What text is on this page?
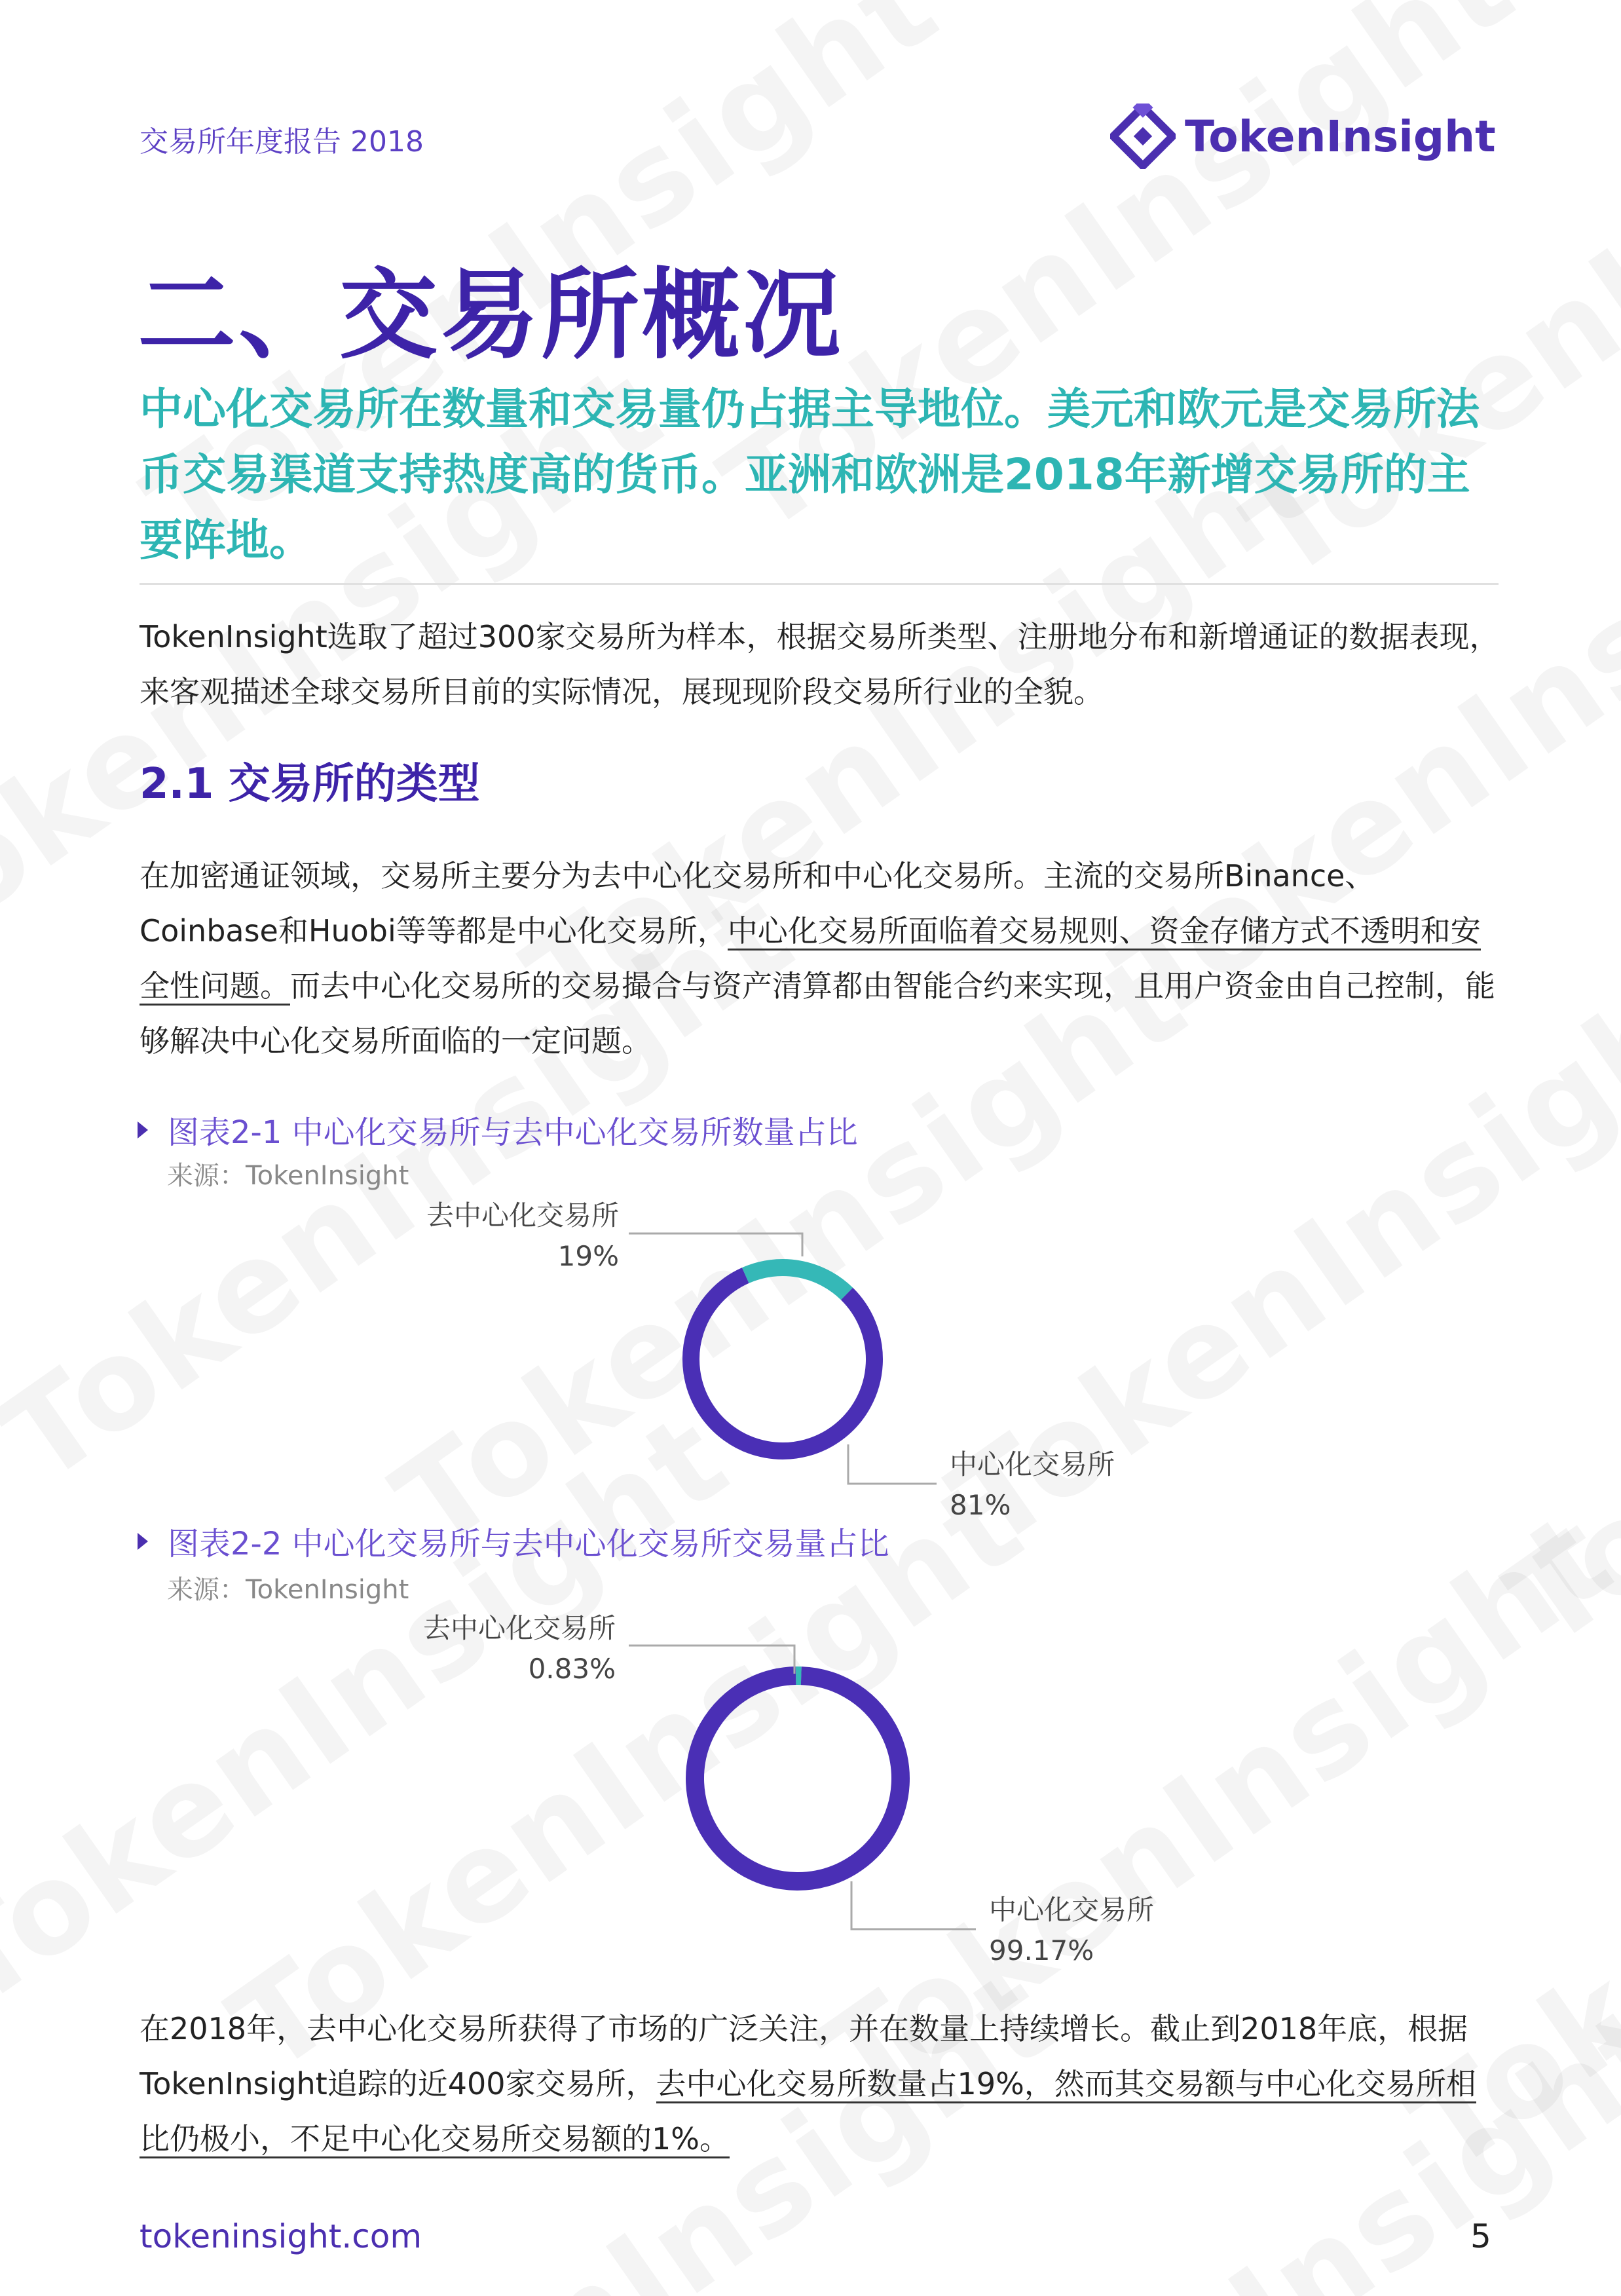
交易所年度报告 2018	TokenInsight
二、交易所概况
中心化交易所在数量和交易量仍占据主导地位。美元和欧元是交易所法币交易渠道支持热度高的货币。亚洲和欧洲是2018年新增交易所的主要阵地。
TokenInsight选取了超过300家交易所为样本，根据交易所类型、注册地分布和新增通证的数据表现，来客观描述全球交易所目前的实际情况，展现现阶段交易所行业的全貌。
2.1 交易所的类型
在加密通证领域，交易所主要分为去中心化交易所和中心化交易所。主流的交易所Binance、Coinbase和Huobi等等都是中心化交易所，中心化交易所面临着交易规则、资金存储方式不透明和安全性问题。而去中心化交易所的交易撮合与资产清算都由智能合约来实现，且用户资金由自己控制，能够解决中心化交易所面临的一定问题。
图表2-1 中心化交易所与去中心化交易所数量占比
来源：TokenInsight
去中心化交易所
19%
中心化交易所
81%
图表2-2 中心化交易所与去中心化交易所交易量占比
来源：TokenInsight
去中心化交易所
0.83%
中心化交易所
99.17%
在2018年，去中心化交易所获得了市场的广泛关注，并在数量上持续增长。截止到2018年底，根据TokenInsight追踪的近400家交易所，去中心化交易所数量占19%，然而其交易额与中心化交易所相比仍极小，不足中心化交易所交易额的1%。
tokeninsight.com	5
